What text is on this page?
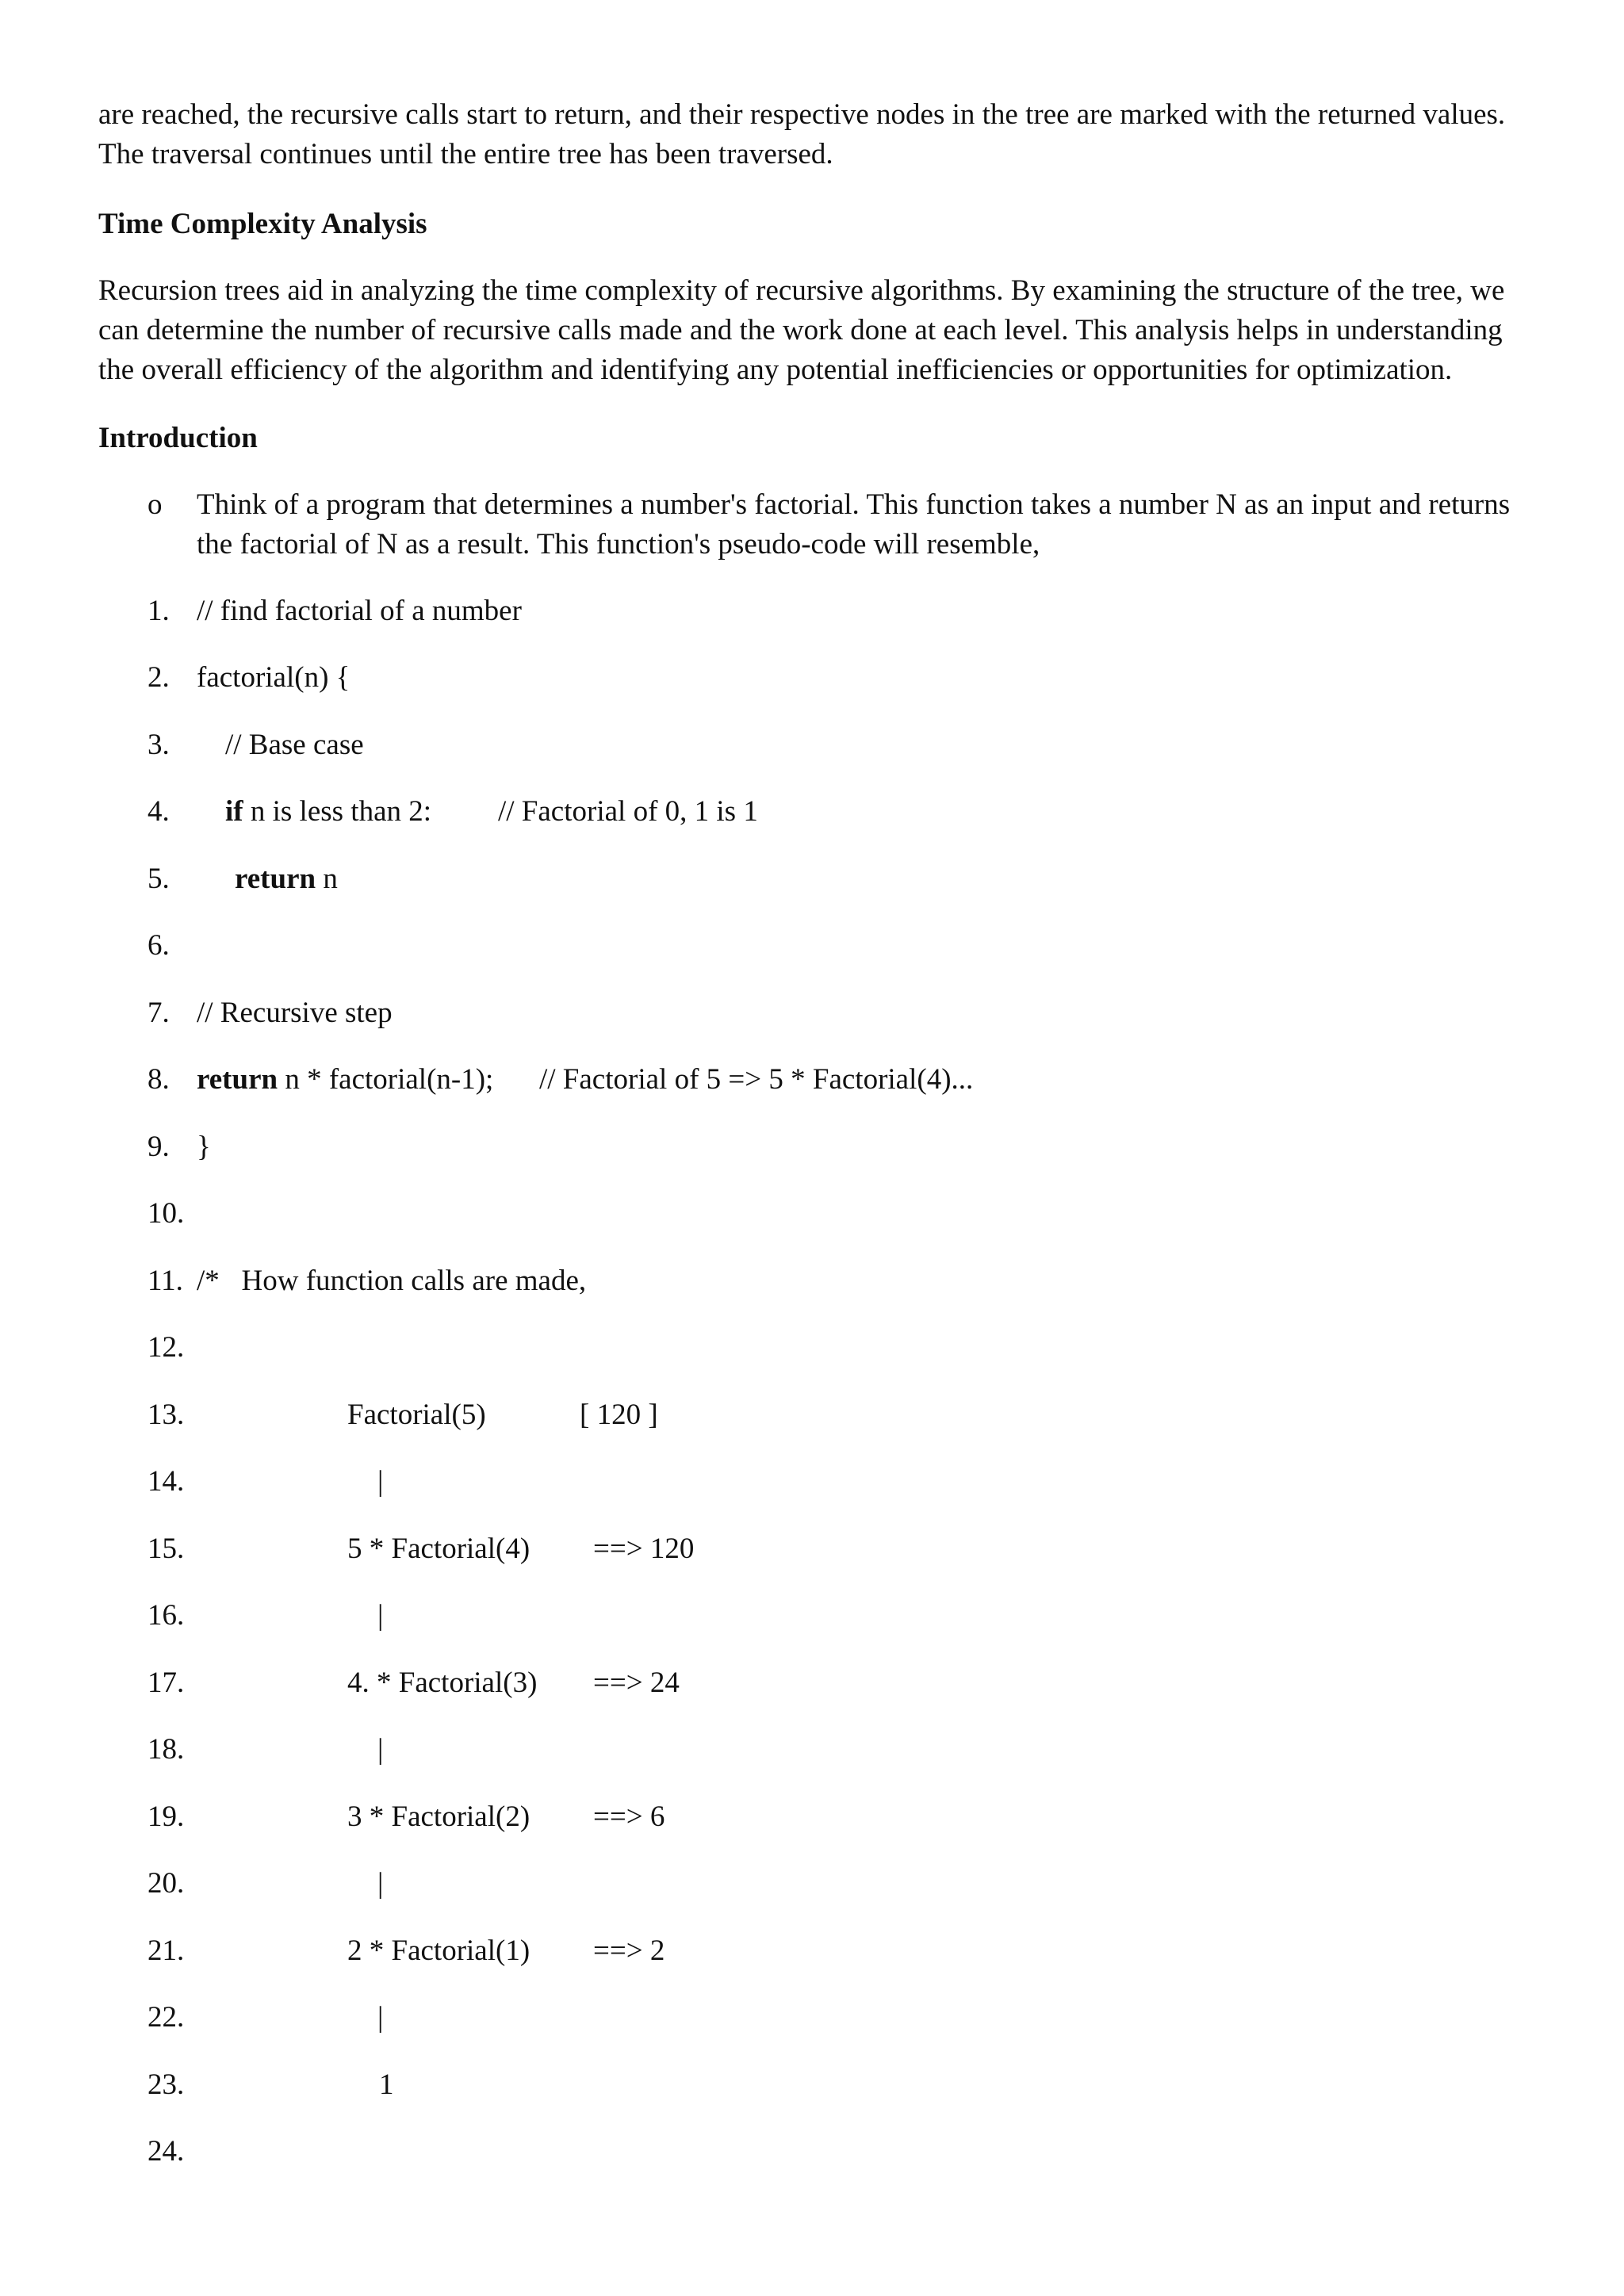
are reached, the recursive calls start to return, and their respective nodes in the tree are marked with the returned values.
The traversal continues until the entire tree has been traversed.
Time Complexity Analysis
Recursion trees aid in analyzing the time complexity of recursive algorithms. By examining the structure of the tree, we
can determine the number of recursive calls made and the work done at each level. This analysis helps in understanding
the overall efficiency of the algorithm and identifying any potential inefficiencies or opportunities for optimization.
Introduction
o Think of a program that determines a number's factorial. This function takes a number N as an input and returns
the factorial of N as a result. This function's pseudo-code will resemble,
1. // find factorial of a number
2. factorial(n) {
3.	// Base case
4.	if n is less than 2: // Factorial of 0, 1 is 1
5.	return n
6.
7. // Recursive step
8. return n * factorial(n-1); // Factorial of 5 => 5 * Factorial(4)...
9. }
10.
11. /*   How function calls are made,
12.
13.	Factorial(5)	[ 120 ]
14.	|
15.	5 * Factorial(4) ==> 120
16.	|
17.	4. * Factorial(3) ==> 24
18.	|
19.	3 * Factorial(2) ==> 6
20.	|
21.	2 * Factorial(1) ==> 2
22.	|
23.	1
24.
